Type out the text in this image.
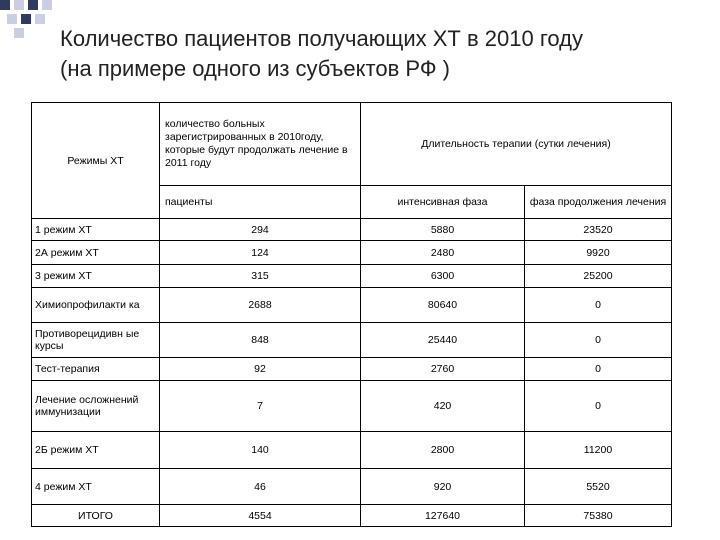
Количество пациентов получающих ХТ в 2010 году
(на примере одного из субъектов РФ )
Режимы ХТ	количество больных зарегистрированных в 2010году, которые будут продолжать лечение в 2011 году	Длительность терапии (сутки лечения)	
	пациенты	интенсивная фаза	фаза продолжения лечения
1 режим ХТ	294	5880	23520
2А режим ХТ	124	2480	9920
3 режим ХТ	315	6300	25200
Химиопрофилакти ка	2688	80640	0
Противорецидивн ые курсы	848	25440	0
Тест-терапия	92	2760	0
Лечение осложнений иммунизации	7	420	0
2Б режим ХТ	140	2800	11200
4 режим ХТ	46	920	5520
ИТОГО	4554	127640	75380
